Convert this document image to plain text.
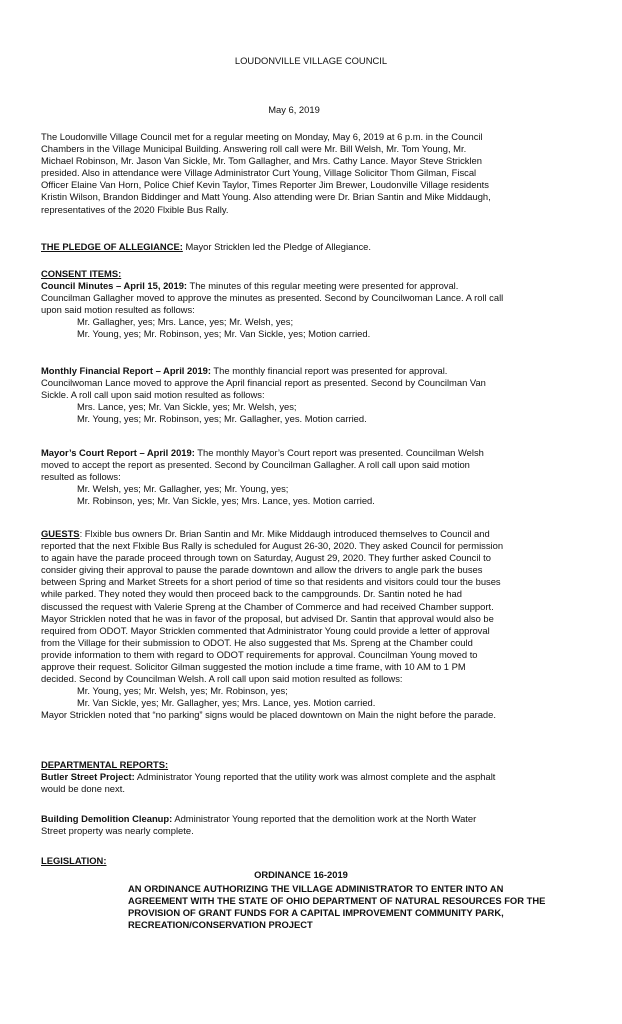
LOUDONVILLE VILLAGE COUNCIL
May 6, 2019
The Loudonville Village Council met for a regular meeting on Monday, May 6, 2019 at 6 p.m. in the Council
Chambers in the Village Municipal Building. Answering roll call were Mr. Bill Welsh, Mr. Tom Young, Mr.
Michael Robinson, Mr. Jason Van Sickle, Mr. Tom Gallagher, and Mrs. Cathy Lance. Mayor Steve Stricklen
presided. Also in attendance were Village Administrator Curt Young, Village Solicitor Thom Gilman, Fiscal
Officer Elaine Van Horn, Police Chief Kevin Taylor, Times Reporter Jim Brewer, Loudonville Village residents
Kristin Wilson, Brandon Biddinger and Matt Young. Also attending were Dr. Brian Santin and Mike Middaugh,
representatives of the 2020 Flxible Bus Rally.
THE PLEDGE OF ALLEGIANCE: Mayor Stricklen led the Pledge of Allegiance.
CONSENT ITEMS:
Council Minutes – April 15, 2019: The minutes of this regular meeting were presented for approval.
Councilman Gallagher moved to approve the minutes as presented. Second by Councilwoman Lance. A roll call
upon said motion resulted as follows:
Mr. Gallagher, yes; Mrs. Lance, yes; Mr. Welsh, yes;
Mr. Young, yes; Mr. Robinson, yes; Mr. Van Sickle, yes; Motion carried.
Monthly Financial Report – April 2019: The monthly financial report was presented for approval.
Councilwoman Lance moved to approve the April financial report as presented. Second by Councilman Van
Sickle. A roll call upon said motion resulted as follows:
Mrs. Lance, yes; Mr. Van Sickle, yes; Mr. Welsh, yes;
Mr. Young, yes; Mr. Robinson, yes; Mr. Gallagher, yes. Motion carried.
Mayor’s Court Report – April 2019: The monthly Mayor’s Court report was presented. Councilman Welsh
moved to accept the report as presented. Second by Councilman Gallagher. A roll call upon said motion
resulted as follows:
Mr. Welsh, yes; Mr. Gallagher, yes; Mr. Young, yes;
Mr. Robinson, yes; Mr. Van Sickle, yes; Mrs. Lance, yes. Motion carried.
GUESTS: Flxible bus owners Dr. Brian Santin and Mr. Mike Middaugh introduced themselves to Council and
reported that the next Flxible Bus Rally is scheduled for August 26-30, 2020. They asked Council for permission
to again have the parade proceed through town on Saturday, August 29, 2020. They further asked Council to
consider giving their approval to pause the parade downtown and allow the drivers to angle park the buses
between Spring and Market Streets for a short period of time so that residents and visitors could tour the buses
while parked. They noted they would then proceed back to the campgrounds. Dr. Santin noted he had
discussed the request with Valerie Spreng at the Chamber of Commerce and had received Chamber support.
Mayor Stricklen noted that he was in favor of the proposal, but advised Dr. Santin that approval would also be
required from ODOT. Mayor Stricklen commented that Administrator Young could provide a letter of approval
from the Village for their submission to ODOT. He also suggested that Ms. Spreng at the Chamber could
provide information to them with regard to ODOT requirements for approval. Councilman Young moved to
approve their request. Solicitor Gilman suggested the motion include a time frame, with 10 AM to 1 PM
decided. Second by Councilman Welsh. A roll call upon said motion resulted as follows:
Mr. Young, yes; Mr. Welsh, yes; Mr. Robinson, yes;
Mr. Van Sickle, yes; Mr. Gallagher, yes; Mrs. Lance, yes. Motion carried.
Mayor Stricklen noted that “no parking” signs would be placed downtown on Main the night before the parade.
DEPARTMENTAL REPORTS:
Butler Street Project: Administrator Young reported that the utility work was almost complete and the asphalt
would be done next.
Building Demolition Cleanup: Administrator Young reported that the demolition work at the North Water
Street property was nearly complete.
LEGISLATION:
ORDINANCE 16-2019
AN ORDINANCE AUTHORIZING THE VILLAGE ADMINISTRATOR TO ENTER INTO AN
AGREEMENT WITH THE STATE OF OHIO DEPARTMENT OF NATURAL RESOURCES FOR THE
PROVISION OF GRANT FUNDS FOR A CAPITAL IMPROVEMENT COMMUNITY PARK,
RECREATION/CONSERVATION PROJECT
